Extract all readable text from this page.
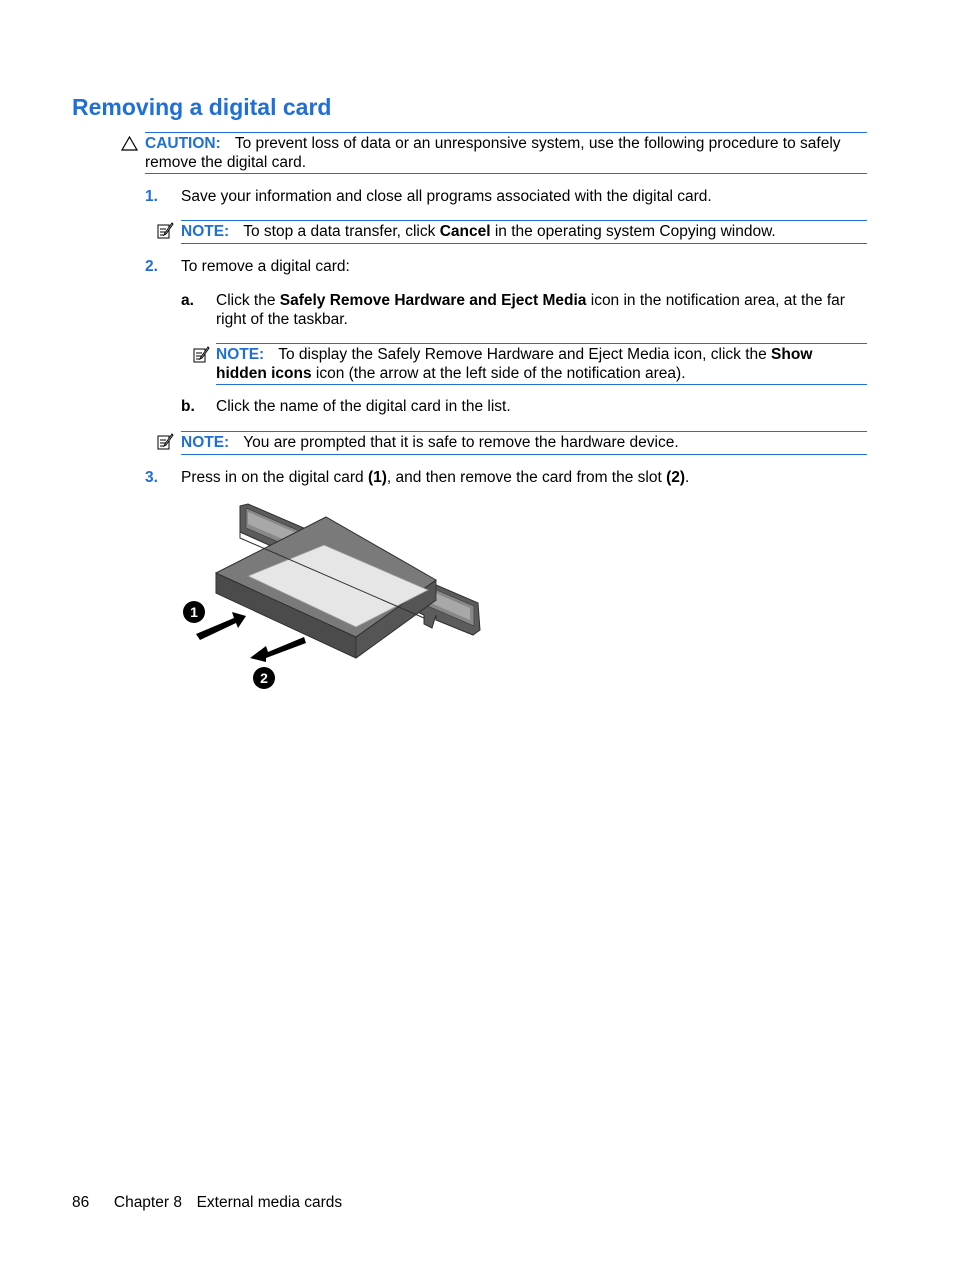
Removing a digital card
CAUTION: To prevent loss of data or an unresponsive system, use the following procedure to safely remove the digital card.
1. Save your information and close all programs associated with the digital card.
NOTE: To stop a data transfer, click Cancel in the operating system Copying window.
2. To remove a digital card:
a. Click the Safely Remove Hardware and Eject Media icon in the notification area, at the far right of the taskbar.
NOTE: To display the Safely Remove Hardware and Eject Media icon, click the Show hidden icons icon (the arrow at the left side of the notification area).
b. Click the name of the digital card in the list.
NOTE: You are prompted that it is safe to remove the hardware device.
3. Press in on the digital card (1), and then remove the card from the slot (2).
1
2
86 Chapter 8 External media cards
